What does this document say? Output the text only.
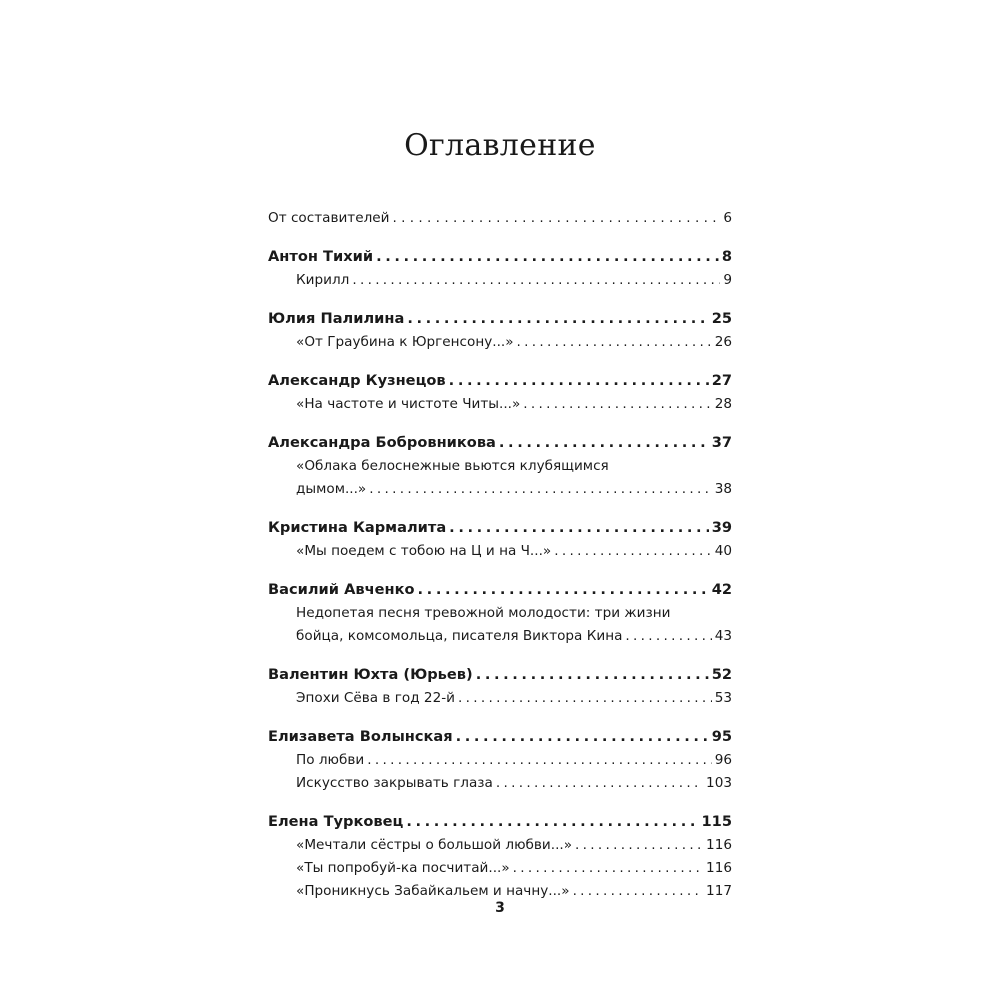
Оглавление
От составителей . . .	6
Антон Тихий .....	8
Кирилл .....	9
Юлия Палилина .....	25
«От Граубина к Юргенсону...» .....	26
Александр Кузнецов .....	27
«На частоте и чистоте Читы...» .....	28
Александра Бобровникова .....	37
«Облака белоснежные вьются клубящимся
дымом...» .....	38
Кристина Кармалита .....	39
«Мы поедем с тобою на Ц и на Ч...» .....	40
Василий Авченко .....	42
Недопетая песня тревожной молодости: три жизни
бойца, комсомольца, писателя Виктора Кина .....	43
Валентин Юхта (Юрьев) .....	52
Эпохи Сёва в год 22-й .....	53
Елизавета Волынская .....	95
По любви .....	96
Искусство закрывать глаза .....	103
Елена Турковец .....	115
«Мечтали сёстры о большой любви...» .....	116
«Ты попробуй-ка посчитай...» .....	116
«Проникнусь Забайкальем и начну...» .....	117
3
